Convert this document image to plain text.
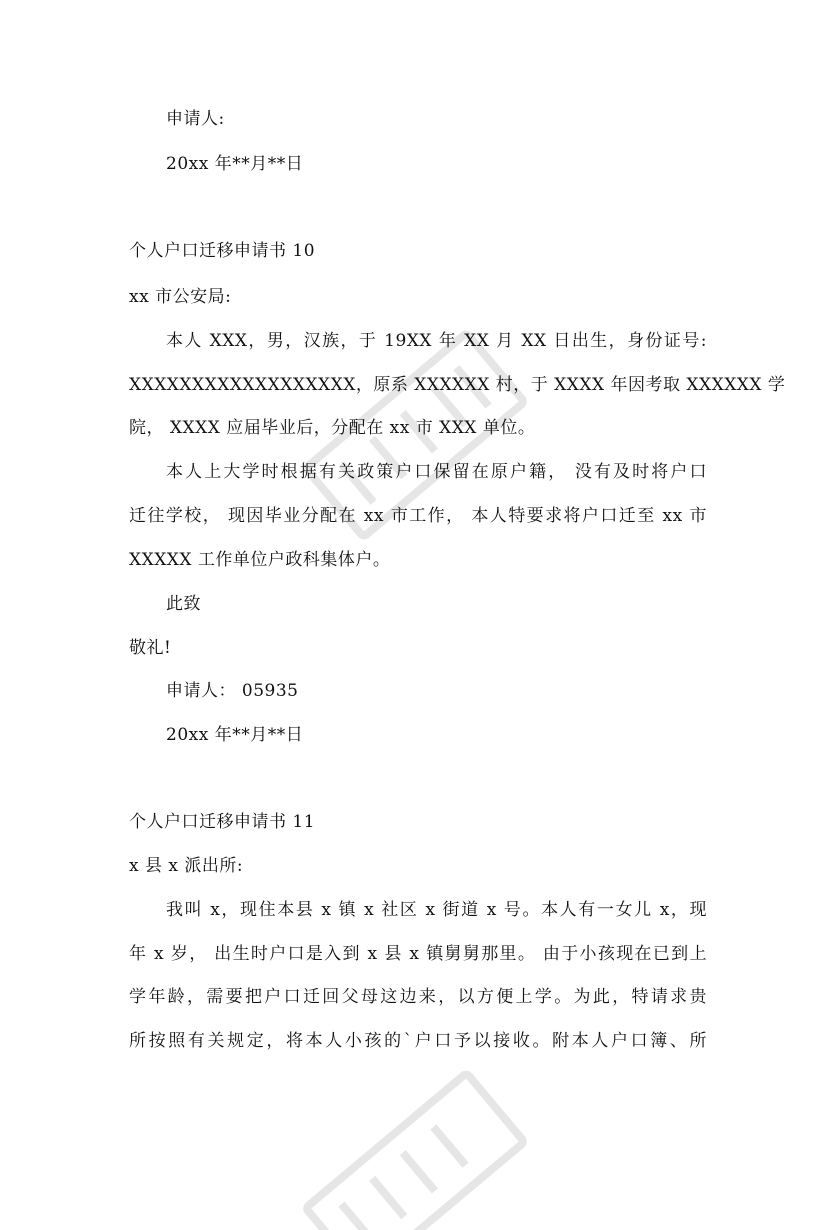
申请人:
20xx 年**月**日
个人户口迁移申请书 10
xx 市公安局:
本人 XXX，男，汉族，于 19XX 年 XX 月 XX 日出生，身份证号:
XXXXXXXXXXXXXXXXXX，原系 XXXXXX 村，于 XXXX 年因考取 XXXXXX 学
院， XXXX 应届毕业后，分配在 xx 市 XXX 单位。
本人上大学时根据有关政策户口保留在原户籍， 没有及时将户口
迁往学校， 现因毕业分配在 xx 市工作， 本人特要求将户口迁至 xx 市
XXXXX 工作单位户政科集体户。
此致
敬礼!
申请人： 05935
20xx 年**月**日
个人户口迁移申请书 11
x 县 x 派出所:
我叫 x，现住本县 x 镇 x 社区 x 街道 x 号。本人有一女儿 x，现
年 x 岁， 出生时户口是入到 x 县 x 镇舅舅那里。 由于小孩现在已到上
学年龄，需要把户口迁回父母这边来，以方便上学。为此，特请求贵
所按照有关规定，将本人小孩的`户口予以接收。附本人户口簿、所
